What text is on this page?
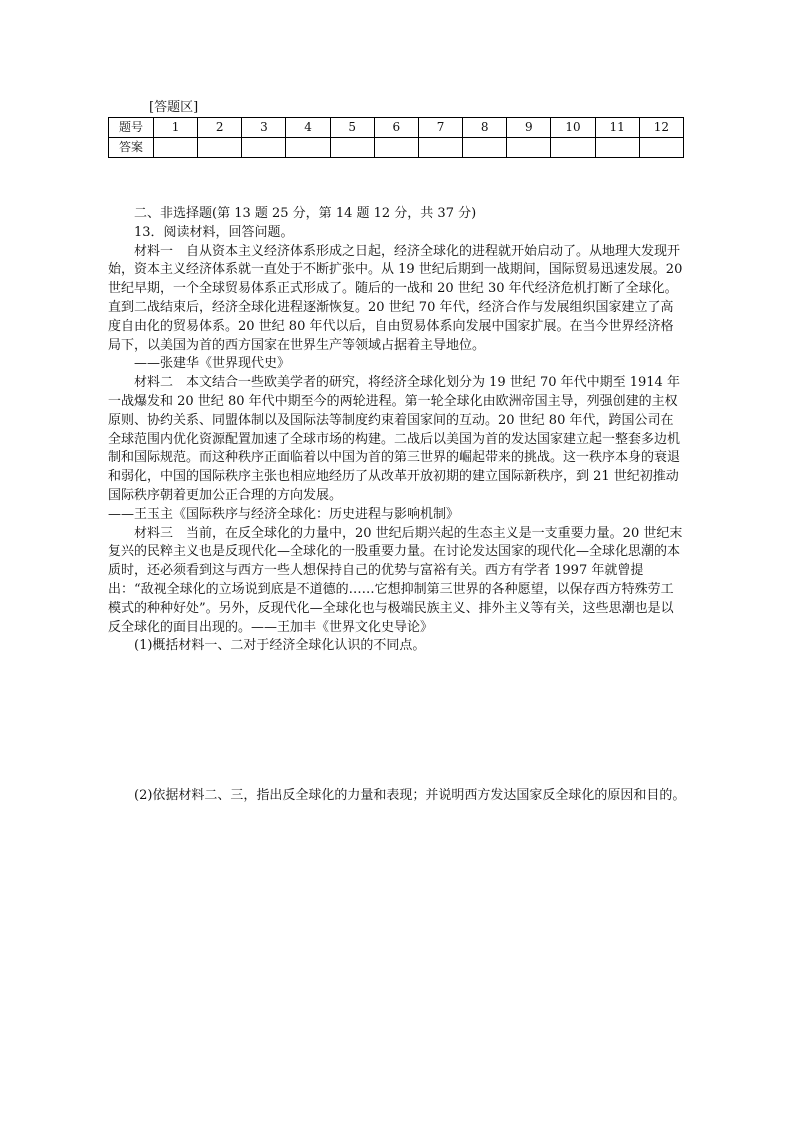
[答题区]
题号	1	2	3	4	5	6	7	8	9	10	11	12
答案												

二、非选择题(第 13 题 25 分，第 14 题 12 分，共 37 分)

13．阅读材料，回答问题。

材料一　自从资本主义经济体系形成之日起，经济全球化的进程就开始启动了。从地理大发现开始，资本主义经济体系就一直处于不断扩张中。从 19 世纪后期到一战期间，国际贸易迅速发展。20 世纪早期，一个全球贸易体系正式形成了。随后的一战和 20 世纪 30 年代经济危机打断了全球化。直到二战结束后，经济全球化进程逐渐恢复。20 世纪 70 年代，经济合作与发展组织国家建立了高度自由化的贸易体系。20 世纪 80 年代以后，自由贸易体系向发展中国家扩展。在当今世界经济格局下，以美国为首的西方国家在世界生产等领域占据着主导地位。

——张建华《世界现代史》

材料二　本文结合一些欧美学者的研究，将经济全球化划分为 19 世纪 70 年代中期至 1914 年一战爆发和 20 世纪 80 年代中期至今的两轮进程。第一轮全球化由欧洲帝国主导，列强创建的主权原则、协约关系、同盟体制以及国际法等制度约束着国家间的互动。20 世纪 80 年代，跨国公司在全球范围内优化资源配置加速了全球市场的构建。二战后以美国为首的发达国家建立起一整套多边机制和国际规范。而这种秩序正面临着以中国为首的第三世界的崛起带来的挑战。这一秩序本身的衰退和弱化，中国的国际秩序主张也相应地经历了从改革开放初期的建立国际新秩序，到 21 世纪初推动国际秩序朝着更加公正合理的方向发展。

——王玉主《国际秩序与经济全球化：历史进程与影响机制》

材料三　当前，在反全球化的力量中，20 世纪后期兴起的生态主义是一支重要力量。20 世纪末复兴的民粹主义也是反现代化—全球化的一股重要力量。在讨论发达国家的现代化—全球化思潮的本质时，还必须看到这与西方一些人想保持自己的优势与富裕有关。西方有学者 1997 年就曾提出：“敌视全球化的立场说到底是不道德的……它想抑制第三世界的各种愿望，以保存西方特殊劳工模式的种种好处”。另外，反现代化—全球化也与极端民族主义、排外主义等有关，这些思潮也是以反全球化的面目出现的。——王加丰《世界文化史导论》

(1)概括材料一、二对于经济全球化认识的不同点。

(2)依据材料二、三，指出反全球化的力量和表现；并说明西方发达国家反全球化的原因和目的。
